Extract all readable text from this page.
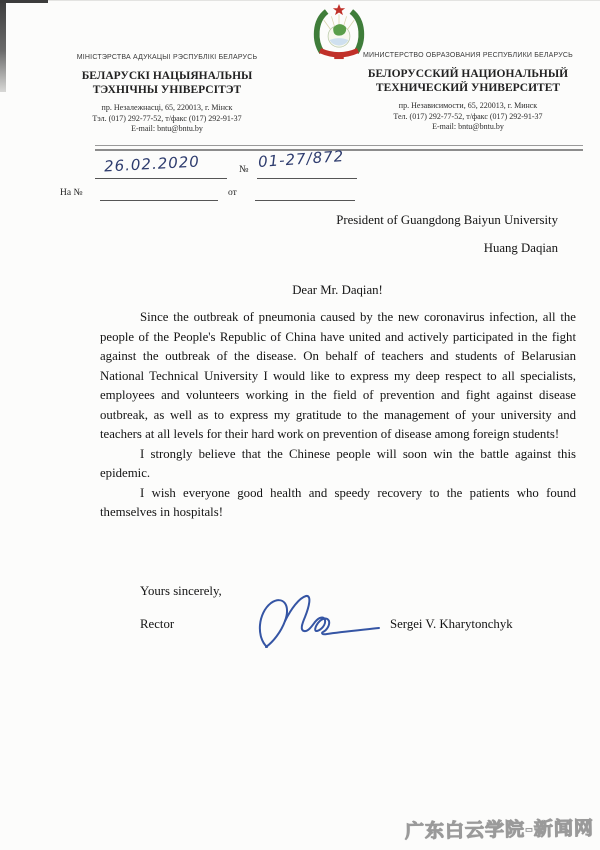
МІНІСТЭРСТВА АДУКАЦЫІ РЭСПУБЛІКІ БЕЛАРУСЬ
БЕЛАРУСКІ НАЦЫЯНАЛЬНЫ
ТЭХНІЧНЫ УНІВЕРСІТЭТ
пр. Незалежнасці, 65, 220013, г. Мінск
Тэл. (017) 292-77-52, т/факс (017) 292-91-37
E-mail: bntu@bntu.by
МИНИСТЕРСТВО ОБРАЗОВАНИЯ РЕСПУБЛИКИ БЕЛАРУСЬ
БЕЛОРУССКИЙ НАЦИОНАЛЬНЫЙ
ТЕХНИЧЕСКИЙ УНИВЕРСИТЕТ
пр. Независимости, 65, 220013, г. Минск
Тел. (017) 292-77-52, т/факс (017) 292-91-37
E-mail: bntu@bntu.by
26.02.2020	01-27/872
№
На №	от
President of Guangdong Baiyun University
Huang Daqian
Dear Mr. Daqian!

Since the outbreak of pneumonia caused by the new coronavirus infection, all the people of the People's Republic of China have united and actively participated in the fight against the outbreak of the disease. On behalf of teachers and students of Belarusian National Technical University I would like to express my deep respect to all specialists, employees and volunteers working in the field of prevention and fight against disease outbreak, as well as to express my gratitude to the management of your university and teachers at all levels for their hard work on prevention of disease among foreign students!

I strongly believe that the Chinese people will soon win the battle against this epidemic.

I wish everyone good health and speedy recovery to the patients who found themselves in hospitals!

Yours sincerely,
Rector	Sergei V. Kharytonchyk
广东白云学院-新闻网
